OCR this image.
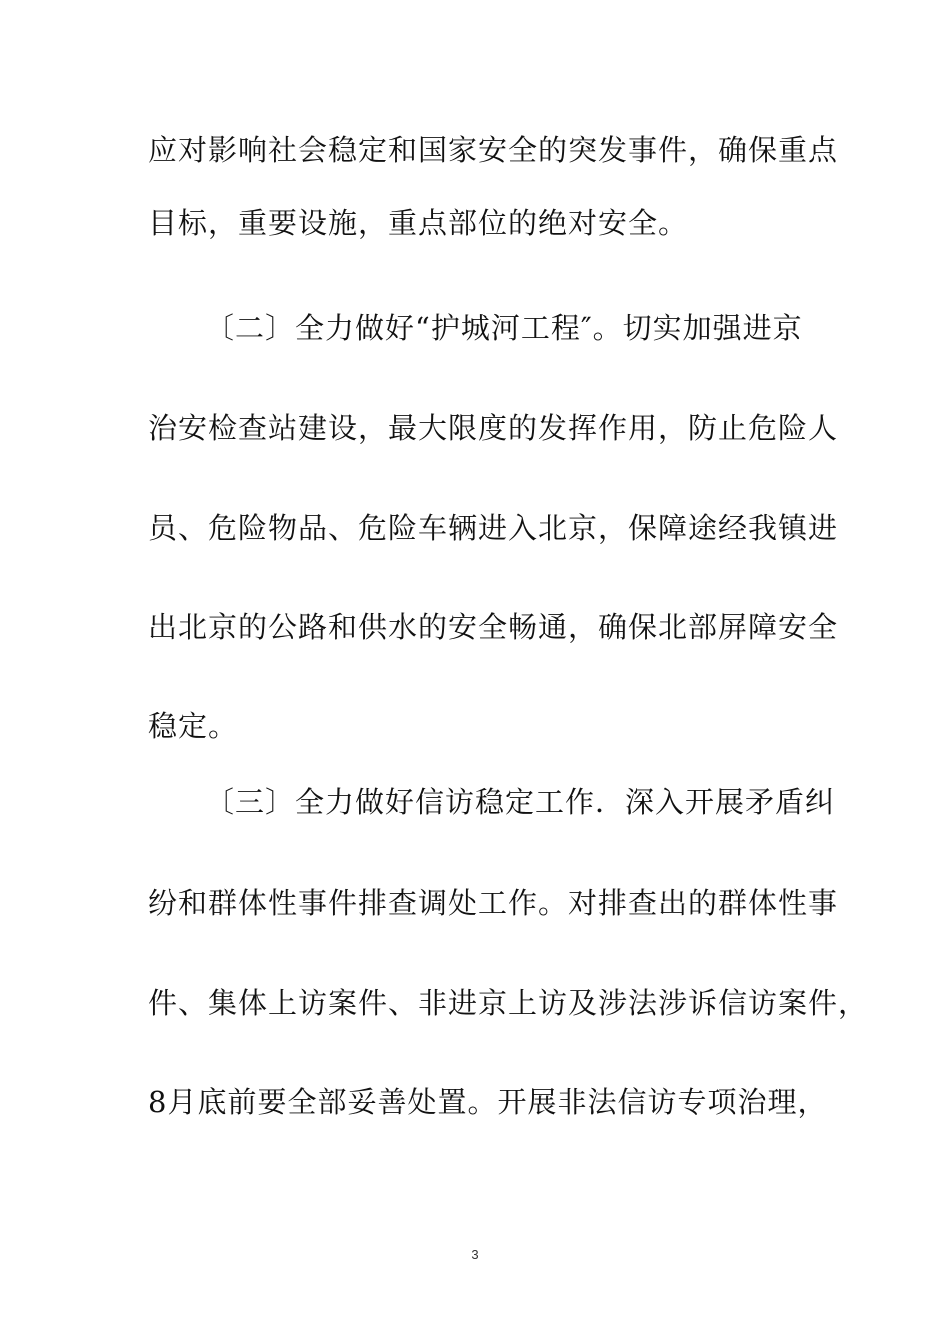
应对影响社会稳定和国家安全的突发事件，确保重点
目标，重要设施，重点部位的绝对安全。
〔二〕全力做好“护城河工程″。切实加强进京
治安检查站建设，最大限度的发挥作用，防止危险人
员、危险物品、危险车辆进入北京，保障途经我镇进
出北京的公路和供水的安全畅通，确保北部屏障安全
稳定。
〔三〕全力做好信访稳定工作．深入开展矛盾纠
纷和群体性事件排查调处工作。对排查出的群体性事
件、集体上访案件、非进京上访及涉法涉诉信访案件，
8月底前要全部妥善处置。开展非法信访专项治理，
3
